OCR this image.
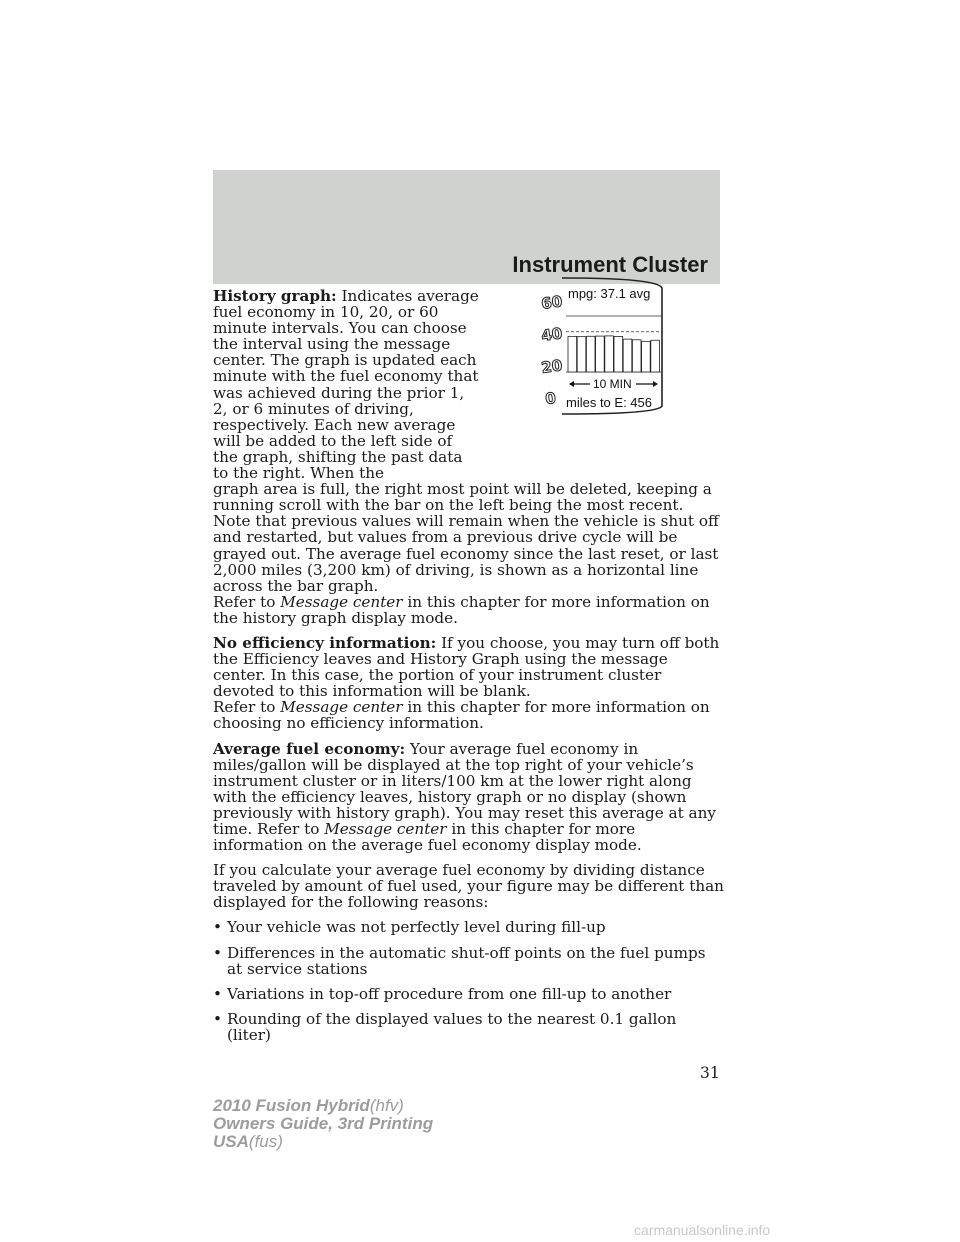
Instrument Cluster
60
40
20
0
mpg: 37.1 avg
10 MIN
miles to E: 456

History graph: Indicates average fuel economy in 10, 20, or 60 minute intervals. You can choose the interval using the message center. The graph is updated each minute with the fuel economy that was achieved during the prior 1, 2, or 6 minutes of driving, respectively. Each new average will be added to the left side of the graph, shifting the past data to the right. When the

graph area is full, the right most point will be deleted, keeping a running scroll with the bar on the left being the most recent. Note that previous values will remain when the vehicle is shut off and restarted, but values from a previous drive cycle will be grayed out. The average fuel economy since the last reset, or last 2,000 miles (3,200 km) of driving, is shown as a horizontal line across the bar graph.

Refer to Message center in this chapter for more information on the history graph display mode.

No efficiency information: If you choose, you may turn off both the Efficiency leaves and History Graph using the message center. In this case, the portion of your instrument cluster devoted to this information will be blank.

Refer to Message center in this chapter for more information on choosing no efficiency information.

Average fuel economy: Your average fuel economy in miles/gallon will be displayed at the top right of your vehicle’s instrument cluster or in liters/100 km at the lower right along with the efficiency leaves, history graph or no display (shown previously with history graph). You may reset this average at any time. Refer to Message center in this chapter for more information on the average fuel economy display mode.

If you calculate your average fuel economy by dividing distance traveled by amount of fuel used, your figure may be different than displayed for the following reasons:

• Your vehicle was not perfectly level during fill-up
• Differences in the automatic shut-off points on the fuel pumps at service stations
• Variations in top-off procedure from one fill-up to another
• Rounding of the displayed values to the nearest 0.1 gallon (liter)
31
2010 Fusion Hybrid(hfv)
Owners Guide, 3rd Printing
USA(fus)
carmanualsonline.info
